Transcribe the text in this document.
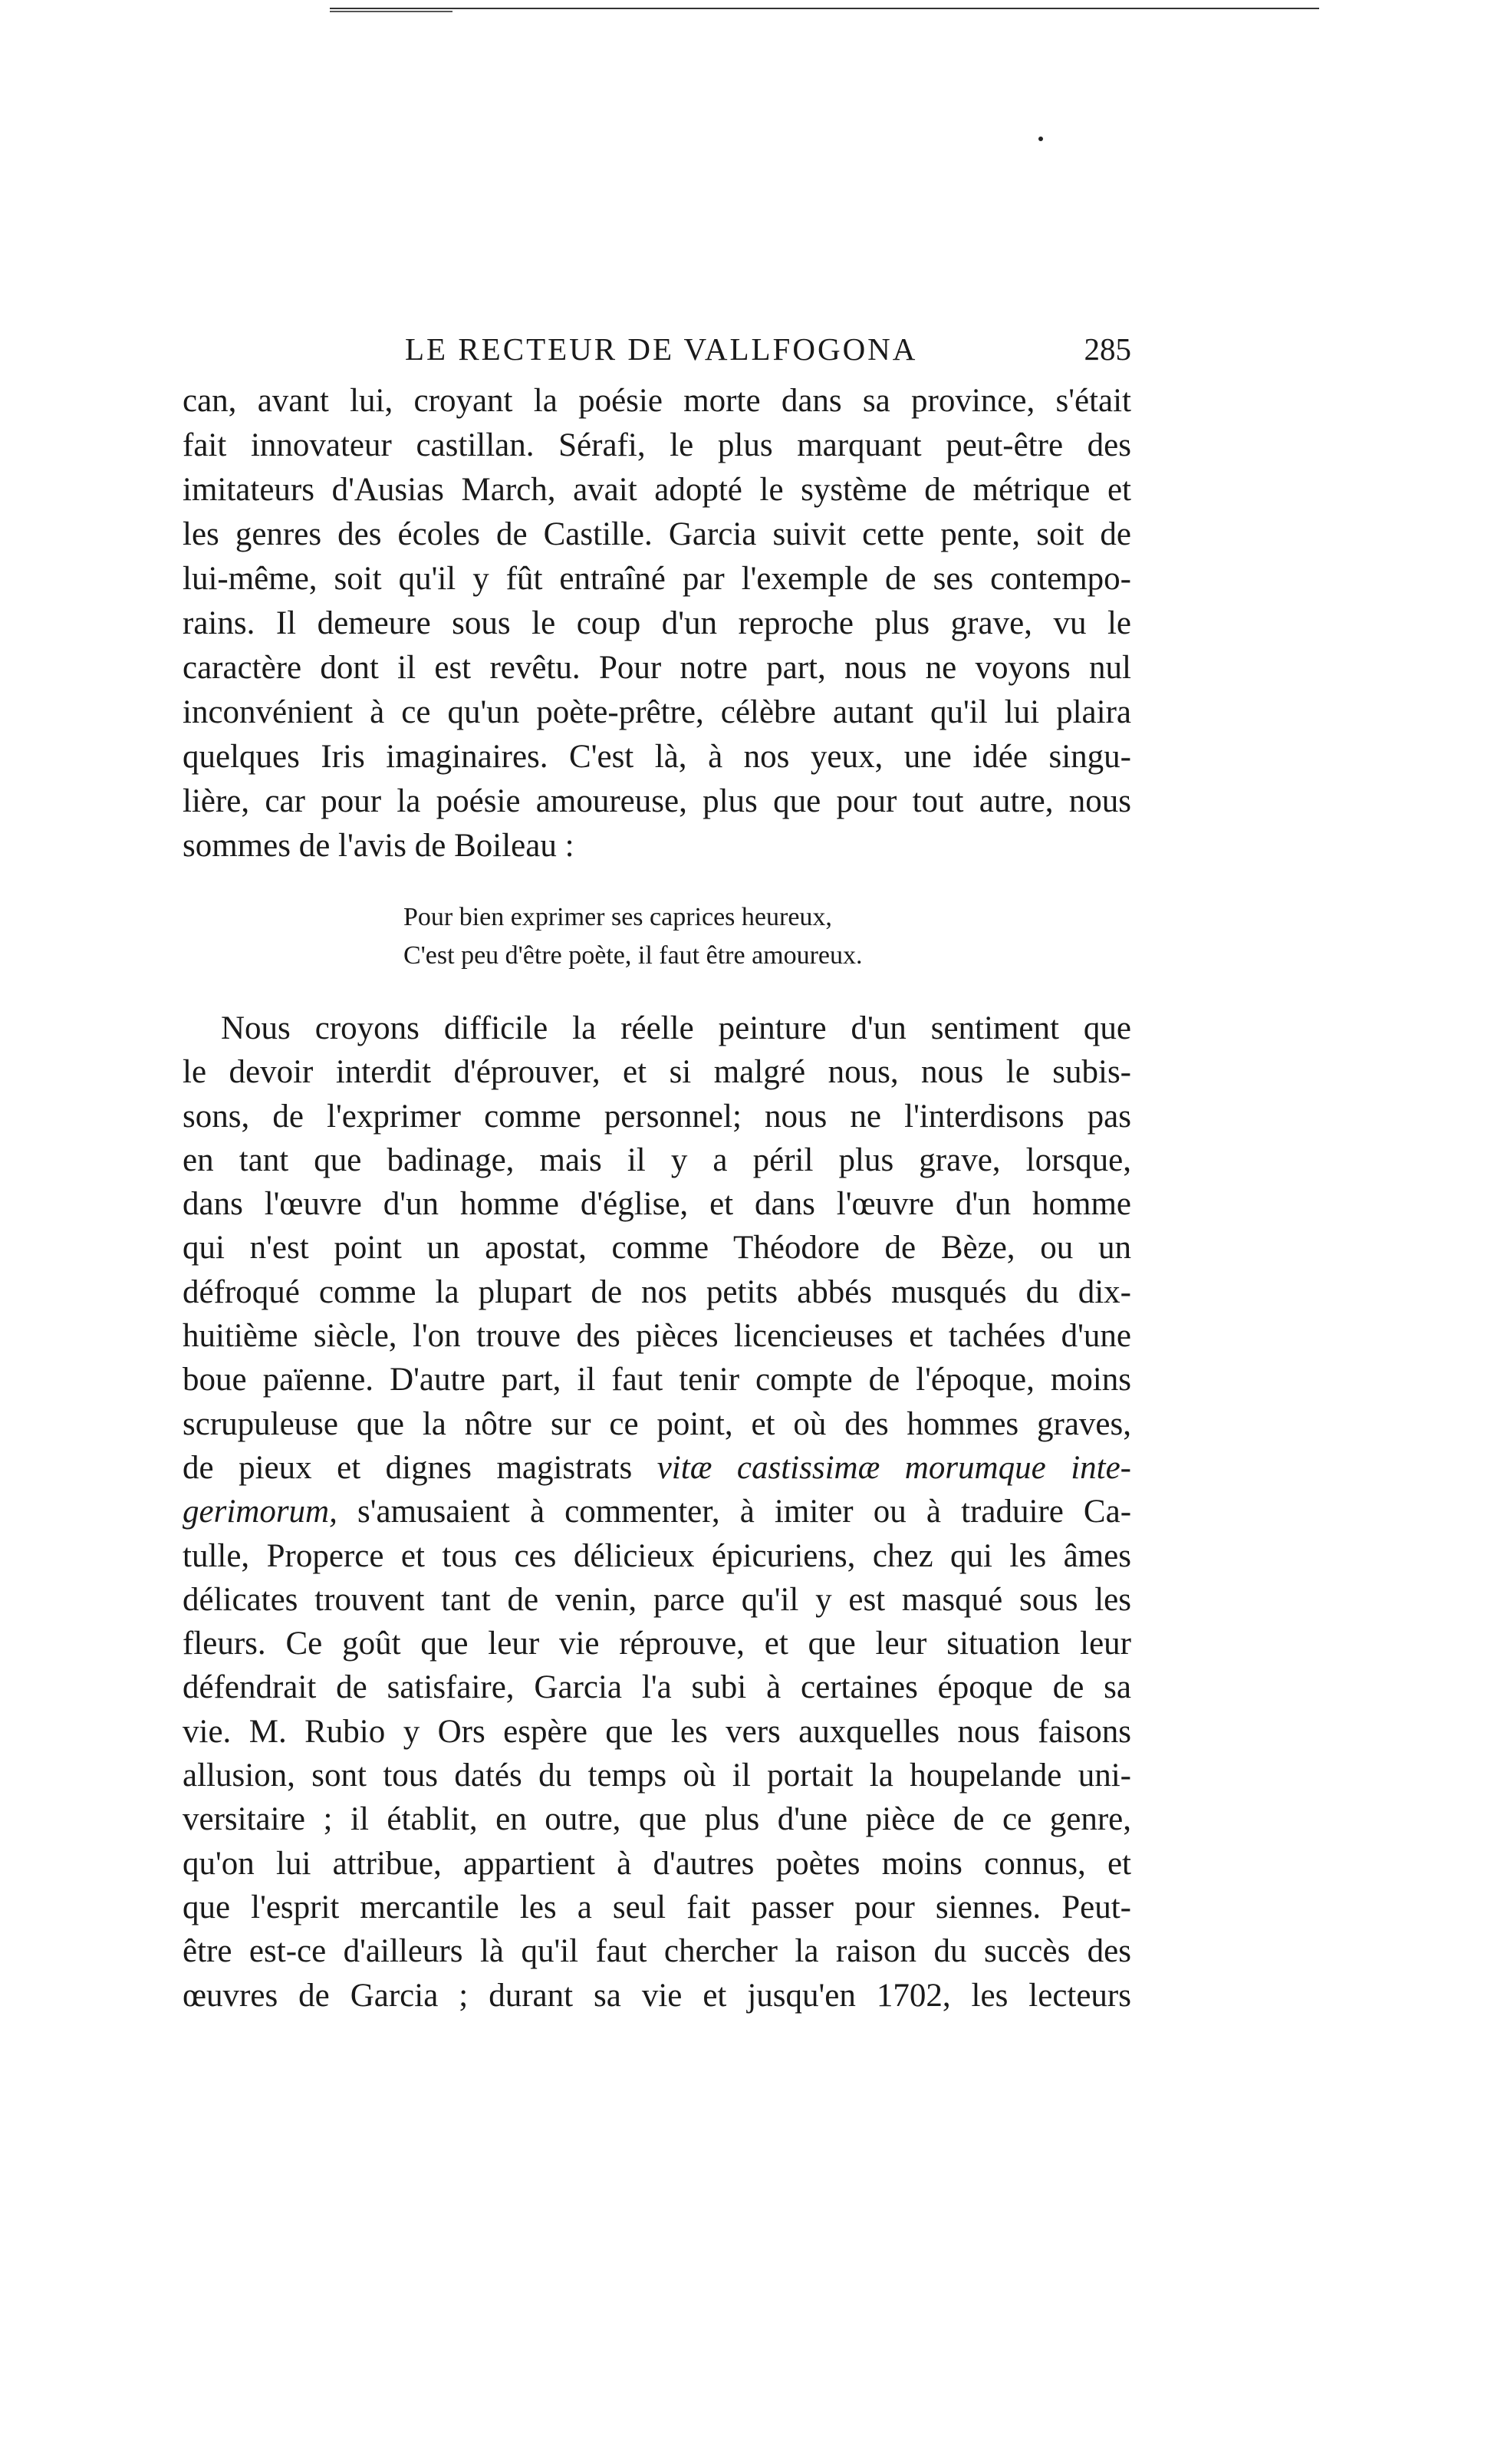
LE RECTEUR DE VALLFOGONA	285
can, avant lui, croyant la poésie morte dans sa province, s'était
fait innovateur castillan. Sérafi, le plus marquant peut-être des
imitateurs d'Ausias March, avait adopté le système de métrique et
les genres des écoles de Castille. Garcia suivit cette pente, soit de
lui-même, soit qu'il y fût entraîné par l'exemple de ses contempo-
rains. Il demeure sous le coup d'un reproche plus grave, vu le
caractère dont il est revêtu. Pour notre part, nous ne voyons nul
inconvénient à ce qu'un poète-prêtre, célèbre autant qu'il lui plaira
quelques Iris imaginaires. C'est là, à nos yeux, une idée singu-
lière, car pour la poésie amoureuse, plus que pour tout autre, nous
sommes de l'avis de Boileau :
Pour bien exprimer ses caprices heureux,
C'est peu d'être poète, il faut être amoureux.
Nous croyons difficile la réelle peinture d'un sentiment que
le devoir interdit d'éprouver, et si malgré nous, nous le subis-
sons, de l'exprimer comme personnel; nous ne l'interdisons pas
en tant que badinage, mais il y a péril plus grave, lorsque,
dans l'œuvre d'un homme d'église, et dans l'œuvre d'un homme
qui n'est point un apostat, comme Théodore de Bèze, ou un
défroqué comme la plupart de nos petits abbés musqués du dix-
huitième siècle, l'on trouve des pièces licencieuses et tachées d'une
boue païenne. D'autre part, il faut tenir compte de l'époque, moins
scrupuleuse que la nôtre sur ce point, et où des hommes graves,
de pieux et dignes magistrats vitæ castissimæ morumque inte-
gerimorum, s'amusaient à commenter, à imiter ou à traduire Ca-
tulle, Properce et tous ces délicieux épicuriens, chez qui les âmes
délicates trouvent tant de venin, parce qu'il y est masqué sous les
fleurs. Ce goût que leur vie réprouve, et que leur situation leur
défendrait de satisfaire, Garcia l'a subi à certaines époque de sa
vie. M. Rubio y Ors espère que les vers auxquelles nous faisons
allusion, sont tous datés du temps où il portait la houpelande uni-
versitaire ; il établit, en outre, que plus d'une pièce de ce genre,
qu'on lui attribue, appartient à d'autres poètes moins connus, et
que l'esprit mercantile les a seul fait passer pour siennes. Peut-
être est-ce d'ailleurs là qu'il faut chercher la raison du succès des
œuvres de Garcia ; durant sa vie et jusqu'en 1702, les lecteurs
